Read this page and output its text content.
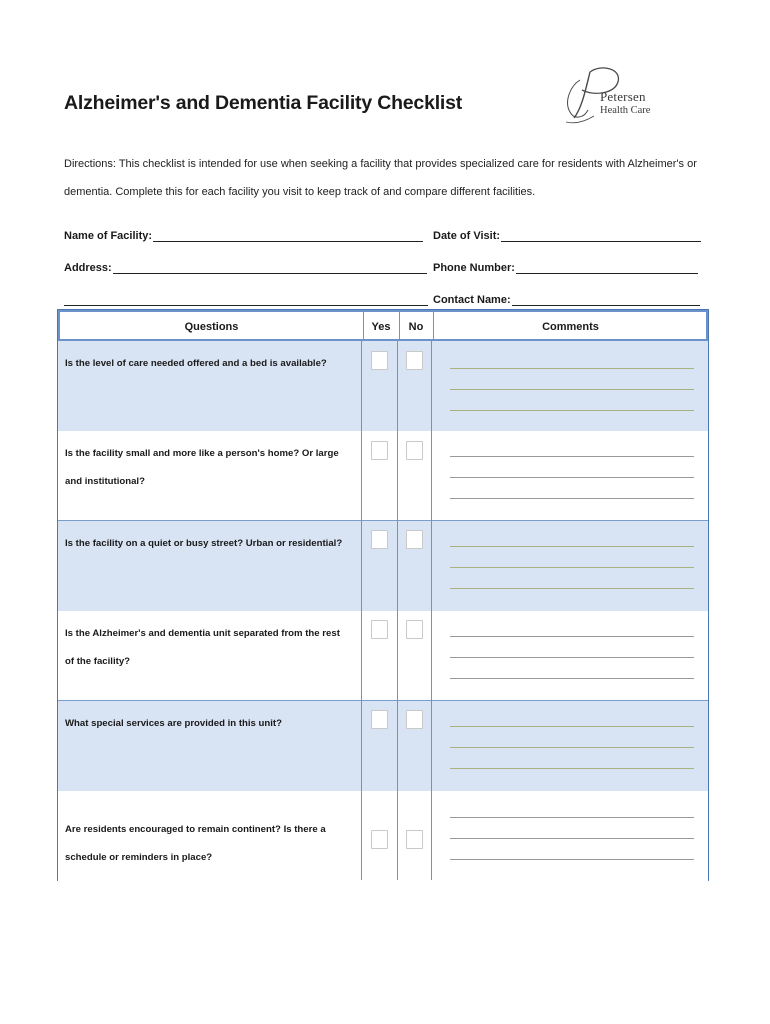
Alzheimer's and Dementia Facility Checklist	Petersen
Health Care
Directions: This checklist is intended for use when seeking a facility that provides specialized care for residents with Alzheimer's or dementia. Complete this for each facility you visit to keep track of and compare different facilities.
Name of Facility:	Date of Visit:
Address:	Phone Number:
Contact Name:
Questions	Yes	No	Comments
Is the level of care needed offered and a bed is available?
Is the facility small and more like a person's home? Or large
and institutional?
Is the facility on a quiet or busy street? Urban or residential?
Is the Alzheimer's and dementia unit separated from the rest
of the facility?
What special services are provided in this unit?
Are residents encouraged to remain continent? Is there a
schedule or reminders in place?
